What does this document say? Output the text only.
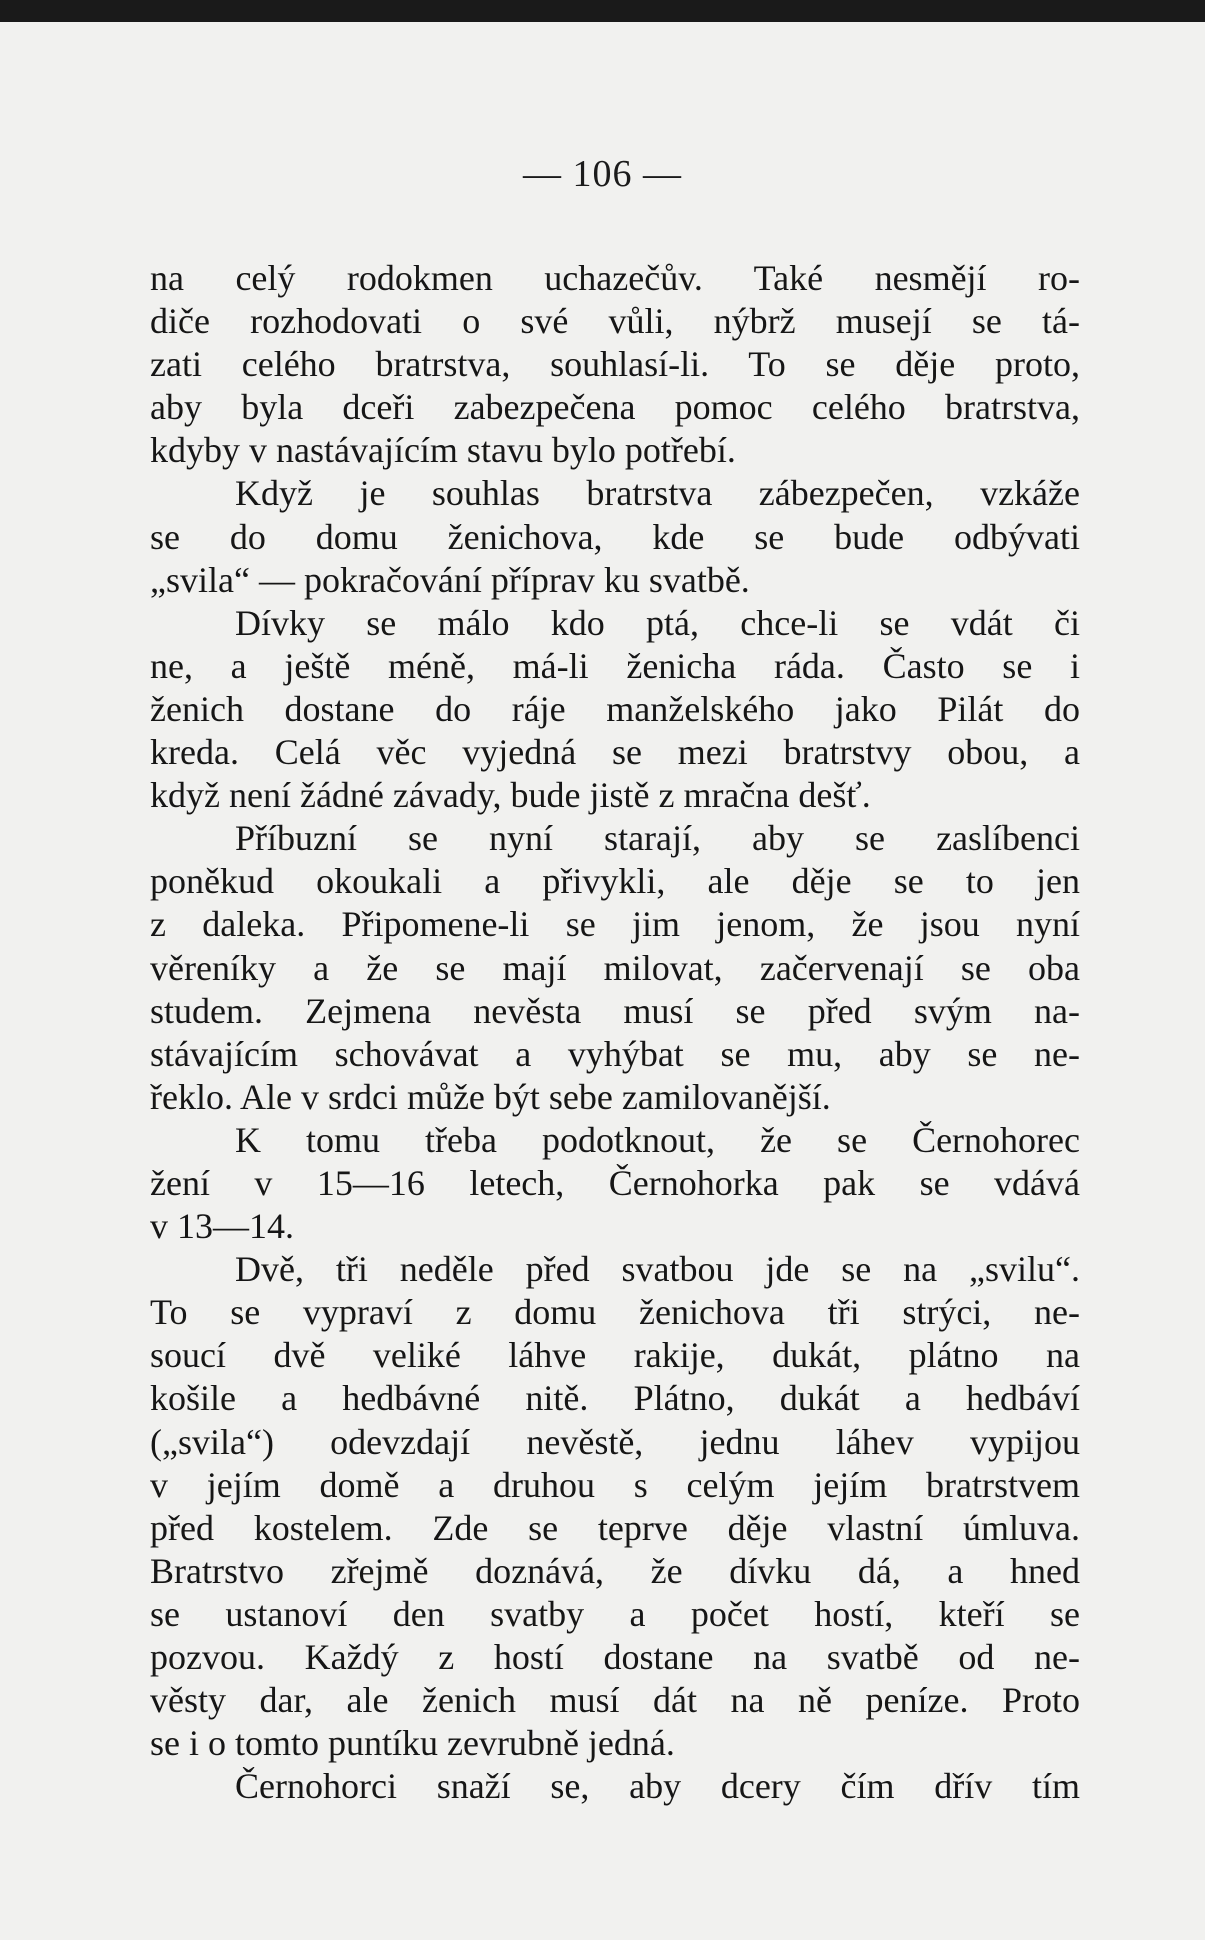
— 106 —
na celý rodokmen uchazečův. Také nesmějí ro-
diče rozhodovati o své vůli, nýbrž musejí se tá-
zati celého bratrstva, souhlasí-li. To se děje proto,
aby byla dceři zabezpečena pomoc celého bratrstva,
kdyby v nastávajícím stavu bylo potřebí.
Když je souhlas bratrstva zábezpečen, vzkáže
se do domu ženichova, kde se bude odbývati
„svila“ — pokračování příprav ku svatbě.
Dívky se málo kdo ptá, chce-li se vdát či
ne, a ještě méně, má-li ženicha ráda. Často se i
ženich dostane do ráje manželského jako Pilát do
kreda. Celá věc vyjedná se mezi bratrstvy obou, a
když není žádné závady, bude jistě z mračna dešť.
Příbuzní se nyní starají, aby se zaslíbenci
poněkud okoukali a přivykli, ale děje se to jen
z daleka. Připomene-li se jim jenom, že jsou nyní
věreníky a že se mají milovat, začervenají se oba
studem. Zejmena nevěsta musí se před svým na-
stávajícím schovávat a vyhýbat se mu, aby se ne-
řeklo. Ale v srdci může být sebe zamilovanější.
K tomu třeba podotknout, že se Černohorec
žení v 15—16 letech, Černohorka pak se vdává
v 13—14.
Dvě, tři neděle před svatbou jde se na „svilu“.
To se vypraví z domu ženichova tři strýci, ne-
soucí dvě veliké láhve rakije, dukát, plátno na
košile a hedbávné nitě. Plátno, dukát a hedbáví
(„svila“) odevzdají nevěstě, jednu láhev vypijou
v jejím domě a druhou s celým jejím bratrstvem
před kostelem. Zde se teprve děje vlastní úmluva.
Bratrstvo zřejmě doznává, že dívku dá, a hned
se ustanoví den svatby a počet hostí, kteří se
pozvou. Každý z hostí dostane na svatbě od ne-
věsty dar, ale ženich musí dát na ně peníze. Proto
se i o tomto puntíku zevrubně jedná.
Černohorci snaží se, aby dcery čím dřív tím
